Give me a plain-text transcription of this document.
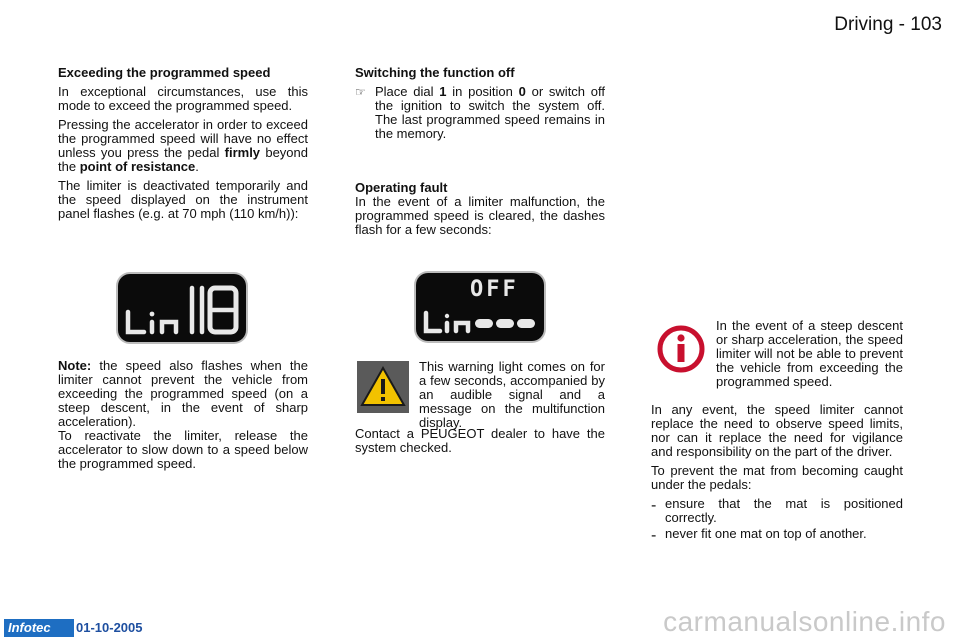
Driving - 103

Exceeding the programmed speed

In exceptional circumstances, use this mode to exceed the programmed speed.

Pressing the accelerator in order to exceed the programmed speed will have no effect unless you press the pedal firmly beyond the point of resistance.

The limiter is deactivated temporarily and the speed displayed on the instrument panel flashes (e.g. at 70 mph (110 km/h)):

Note: the speed also flashes when the limiter cannot prevent the vehicle from exceeding the programmed speed (on a steep descent, in the event of sharp acceleration).

To reactivate the limiter, release the accelerator to slow down to a speed below the programmed speed.

Switching the function off

☞ Place dial 1 in position 0 or switch off the ignition to switch the system off. The last programmed speed remains in the memory.

Operating fault

In the event of a limiter malfunction, the programmed speed is cleared, the dashes flash for a few seconds:

OFF

This warning light comes on for a few seconds, accompanied by an audible signal and a message on the multifunction display.

Contact a PEUGEOT dealer to have the system checked.

In the event of a steep descent or sharp acceleration, the speed limiter will not be able to prevent the vehicle from exceeding the programmed speed.

In any event, the speed limiter cannot replace the need to observe speed limits, nor can it replace the need for vigilance and responsibility on the part of the driver.

To prevent the mat from becoming caught under the pedals:

- ensure that the mat is positioned correctly.

- never fit one mat on top of another.

Infotec	01-10-2005	carmanualsonline.info
